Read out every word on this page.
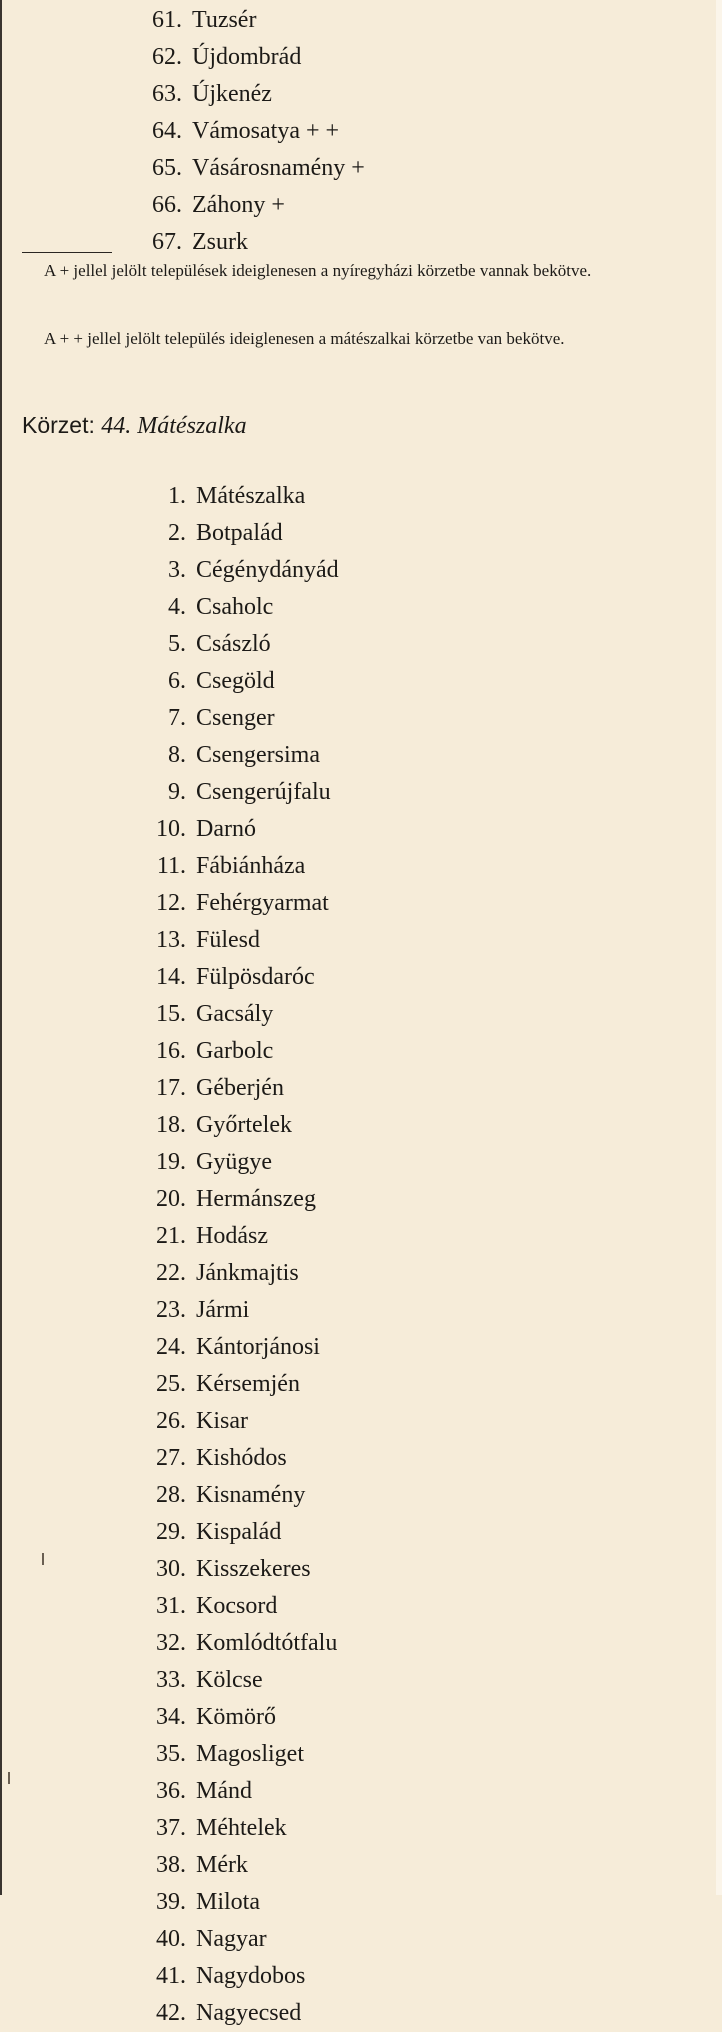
61. Tuzsér
62. Újdombrád
63. Újkenéz
64. Vámosatya + +
65. Vásárosnamény +
66. Záhony +
67. Zsurk

A + jellel jelölt települések ideiglenesen a nyíregyházi körzetbe vannak bekötve.

A + + jellel jelölt település ideiglenesen a mátészalkai körzetbe van bekötve.

Körzet: 44. Mátészalka
1. Mátészalka
2. Botpalád
3. Cégénydányád
4. Csaholc
5. Császló
6. Csegöld
7. Csenger
8. Csengersima
9. Csengerújfalu
10. Darnó
11. Fábiánháza
12. Fehérgyarmat
13. Fülesd
14. Fülpösdaróc
15. Gacsály
16. Garbolc
17. Géberjén
18. Győrtelek
19. Gyügye
20. Hermánszeg
21. Hodász
22. Jánkmajtis
23. Jármi
24. Kántorjánosi
25. Kérsemjén
26. Kisar
27. Kishódos
28. Kisnamény
29. Kispalád
30. Kisszekeres
31. Kocsord
32. Komlódtótfalu
33. Kölcse
34. Kömörő
35. Magosliget
36. Mánd
37. Méhtelek
38. Mérk
39. Milota
40. Nagyar
41. Nagydobos
42. Nagyecsed
